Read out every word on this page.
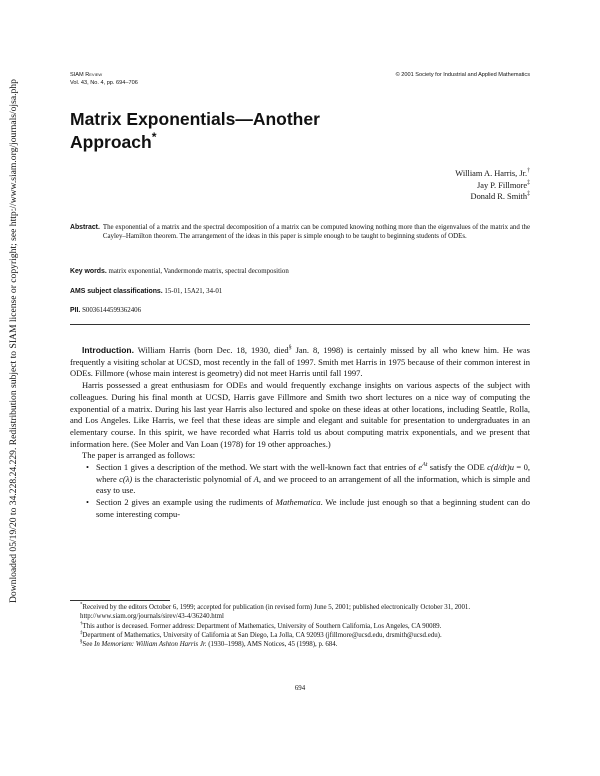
Downloaded 05/19/20 to 34.228.24.229. Redistribution subject to SIAM license or copyright; see http://www.siam.org/journals/ojsa.php
SIAM Review
Vol. 43, No. 4, pp. 694–706
© 2001 Society for Industrial and Applied Mathematics
Matrix Exponentials—Another
Approach*
William A. Harris, Jr.†
Jay P. Fillmore‡
Donald R. Smith‡
Abstract. The exponential of a matrix and the spectral decomposition of a matrix can be computed knowing nothing more than the eigenvalues of the matrix and the Cayley–Hamilton theorem. The arrangement of the ideas in this paper is simple enough to be taught to beginning students of ODEs.
Key words. matrix exponential, Vandermonde matrix, spectral decomposition
AMS subject classifications. 15-01, 15A21, 34-01
PII. S0036144599362406

Introduction. William Harris (born Dec. 18, 1930, died§ Jan. 8, 1998) is certainly missed by all who knew him. He was frequently a visiting scholar at UCSD, most recently in the fall of 1997. Smith met Harris in 1975 because of their common interest in ODEs. Fillmore (whose main interest is geometry) did not meet Harris until fall 1997.

Harris possessed a great enthusiasm for ODEs and would frequently exchange insights on various aspects of the subject with colleagues. During his final month at UCSD, Harris gave Fillmore and Smith two short lectures on a nice way of computing the exponential of a matrix. During his last year Harris also lectured and spoke on these ideas at other locations, including Seattle, Rolla, and Los Angeles. Like Harris, we feel that these ideas are simple and elegant and suitable for presentation to undergraduates in an elementary course. In this spirit, we have recorded what Harris told us about computing matrix exponentials, and we present that information here. (See Moler and Van Loan (1978) for 19 other approaches.)

The paper is arranged as follows:

• Section 1 gives a description of the method. We start with the well-known fact that entries of $e^{At}$ satisfy the ODE c(d/dt)u = 0, where c(λ) is the characteristic polynomial of A, and we proceed to an arrangement of all the information, which is simple and easy to use.
• Section 2 gives an example using the rudiments of Mathematica. We include just enough so that a beginning student can do some interesting compu-

*Received by the editors October 6, 1999; accepted for publication (in revised form) June 5, 2001; published electronically October 31, 2001.

http://www.siam.org/journals/sirev/43-4/36240.html

†This author is deceased. Former address: Department of Mathematics, University of Southern California, Los Angeles, CA 90089.

‡Department of Mathematics, University of California at San Diego, La Jolla, CA 92093 (jfillmore@ucsd.edu, drsmith@ucsd.edu).

§See In Memoriam: William Ashton Harris Jr. (1930–1998), AMS Notices, 45 (1998), p. 684.

694
